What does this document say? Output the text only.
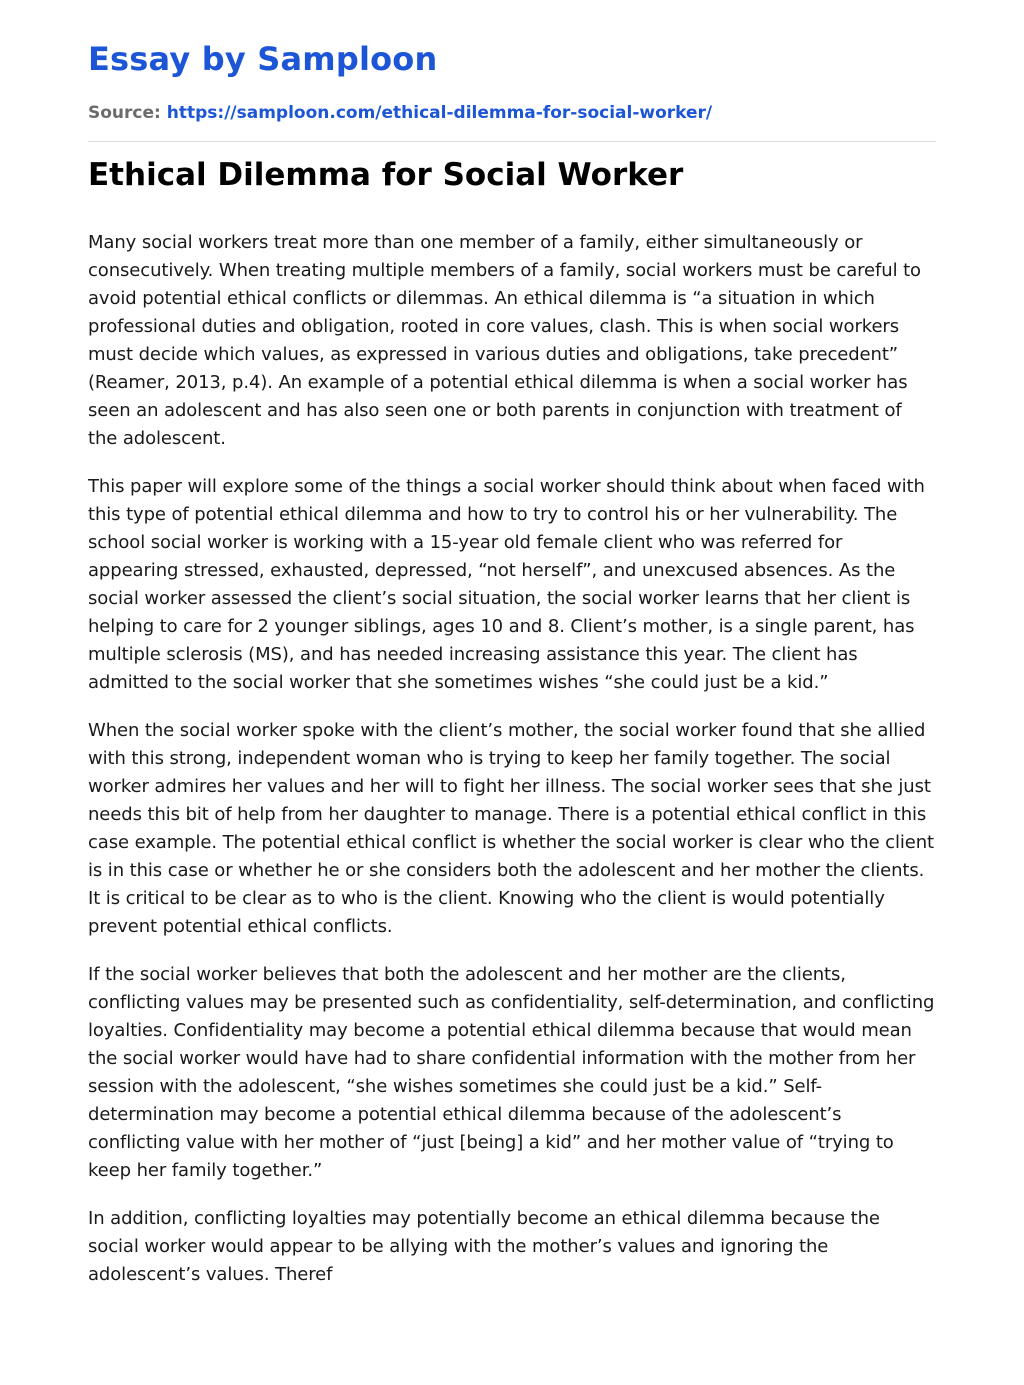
Essay by Samploon
Source: https://samploon.com/ethical-dilemma-for-social-worker/
Ethical Dilemma for Social Worker

Many social workers treat more than one member of a family, either simultaneously or consecutively. When treating multiple members of a family, social workers must be careful to avoid potential ethical conflicts or dilemmas. An ethical dilemma is “a situation in which professional duties and obligation, rooted in core values, clash. This is when social workers must decide which values, as expressed in various duties and obligations, take precedent” (Reamer, 2013, p.4). An example of a potential ethical dilemma is when a social worker has seen an adolescent and has also seen one or both parents in conjunction with treatment of the adolescent.

This paper will explore some of the things a social worker should think about when faced with this type of potential ethical dilemma and how to try to control his or her vulnerability. The school social worker is working with a 15-year old female client who was referred for appearing stressed, exhausted, depressed, “not herself”, and unexcused absences. As the social worker assessed the client’s social situation, the social worker learns that her client is helping to care for 2 younger siblings, ages 10 and 8. Client’s mother, is a single parent, has multiple sclerosis (MS), and has needed increasing assistance this year. The client has admitted to the social worker that she sometimes wishes “she could just be a kid.”

When the social worker spoke with the client’s mother, the social worker found that she allied with this strong, independent woman who is trying to keep her family together. The social worker admires her values and her will to fight her illness. The social worker sees that she just needs this bit of help from her daughter to manage. There is a potential ethical conflict in this case example. The potential ethical conflict is whether the social worker is clear who the client is in this case or whether he or she considers both the adolescent and her mother the clients. It is critical to be clear as to who is the client. Knowing who the client is would potentially prevent potential ethical conflicts.

If the social worker believes that both the adolescent and her mother are the clients, conflicting values may be presented such as confidentiality, self-determination, and conflicting loyalties. Confidentiality may become a potential ethical dilemma because that would mean the social worker would have had to share confidential information with the mother from her session with the adolescent, “she wishes sometimes she could just be a kid.” Self-determination may become a potential ethical dilemma because of the adolescent’s conflicting value with her mother of “just [being] a kid” and her mother value of “trying to keep her family together.”

In addition, conflicting loyalties may potentially become an ethical dilemma because the social worker would appear to be allying with the mother’s values and ignoring the adolescent’s values. Theref
